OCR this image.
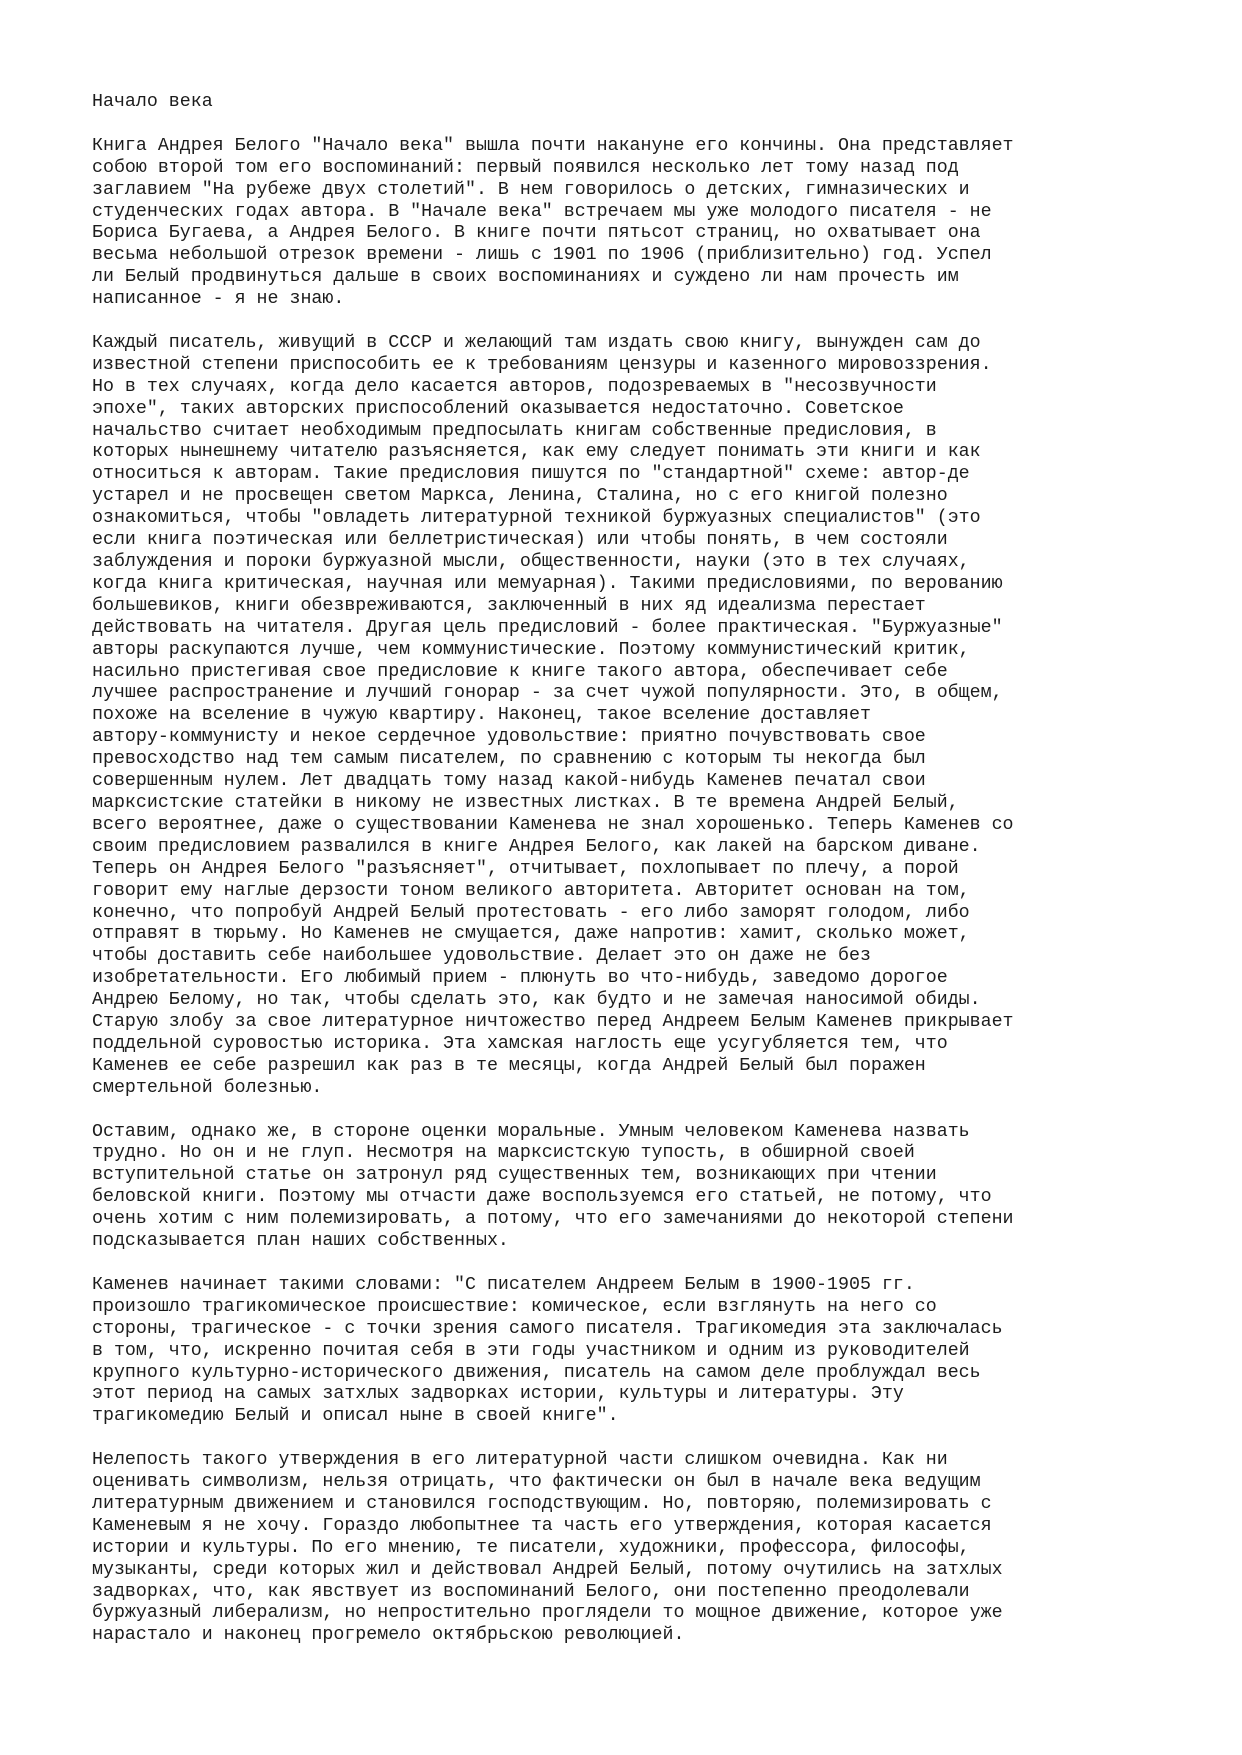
Начало века

Книга Андрея Белого "Начало века" вышла почти накануне его кончины. Она представляет
собою второй том его воспоминаний: первый появился несколько лет тому назад под
заглавием "На рубеже двух столетий". В нем говорилось о детских, гимназических и
студенческих годах автора. В "Начале века" встречаем мы уже молодого писателя - не
Бориса Бугаева, а Андрея Белого. В книге почти пятьсот страниц, но охватывает она
весьма небольшой отрезок времени - лишь с 1901 по 1906 (приблизительно) год. Успел
ли Белый продвинуться дальше в своих воспоминаниях и суждено ли нам прочесть им
написанное - я не знаю.

Каждый писатель, живущий в СССР и желающий там издать свою книгу, вынужден сам до
известной степени приспособить ее к требованиям цензуры и казенного мировоззрения.
Но в тех случаях, когда дело касается авторов, подозреваемых в "несозвучности
эпохе", таких авторских приспособлений оказывается недостаточно. Советское
начальство считает необходимым предпосылать книгам собственные предисловия, в
которых нынешнему читателю разъясняется, как ему следует понимать эти книги и как
относиться к авторам. Такие предисловия пишутся по "стандартной" схеме: автор-де
устарел и не просвещен светом Маркса, Ленина, Сталина, но с его книгой полезно
ознакомиться, чтобы "овладеть литературной техникой буржуазных специалистов" (это
если книга поэтическая или беллетристическая) или чтобы понять, в чем состояли
заблуждения и пороки буржуазной мысли, общественности, науки (это в тех случаях,
когда книга критическая, научная или мемуарная). Такими предисловиями, по верованию
большевиков, книги обезвреживаются, заключенный в них яд идеализма перестает
действовать на читателя. Другая цель предисловий - более практическая. "Буржуазные"
авторы раскупаются лучше, чем коммунистические. Поэтому коммунистический критик,
насильно пристегивая свое предисловие к книге такого автора, обеспечивает себе
лучшее распространение и лучший гонорар - за счет чужой популярности. Это, в общем,
похоже на вселение в чужую квартиру. Наконец, такое вселение доставляет
автору-коммунисту и некое сердечное удовольствие: приятно почувствовать свое
превосходство над тем самым писателем, по сравнению с которым ты некогда был
совершенным нулем. Лет двадцать тому назад какой-нибудь Каменев печатал свои
марксистские статейки в никому не известных листках. В те времена Андрей Белый,
всего вероятнее, даже о существовании Каменева не знал хорошенько. Теперь Каменев со
своим предисловием развалился в книге Андрея Белого, как лакей на барском диване.
Теперь он Андрея Белого "разъясняет", отчитывает, похлопывает по плечу, а порой
говорит ему наглые дерзости тоном великого авторитета. Авторитет основан на том,
конечно, что попробуй Андрей Белый протестовать - его либо заморят голодом, либо
отправят в тюрьму. Но Каменев не смущается, даже напротив: хамит, сколько может,
чтобы доставить себе наибольшее удовольствие. Делает это он даже не без
изобретательности. Его любимый прием - плюнуть во что-нибудь, заведомо дорогое
Андрею Белому, но так, чтобы сделать это, как будто и не замечая наносимой обиды.
Старую злобу за свое литературное ничтожество перед Андреем Белым Каменев прикрывает
поддельной суровостью историка. Эта хамская наглость еще усугубляется тем, что
Каменев ее себе разрешил как раз в те месяцы, когда Андрей Белый был поражен
смертельной болезнью.

Оставим, однако же, в стороне оценки моральные. Умным человеком Каменева назвать
трудно. Но он и не глуп. Несмотря на марксистскую тупость, в обширной своей
вступительной статье он затронул ряд существенных тем, возникающих при чтении
беловской книги. Поэтому мы отчасти даже воспользуемся его статьей, не потому, что
очень хотим с ним полемизировать, а потому, что его замечаниями до некоторой степени
подсказывается план наших собственных.

Каменев начинает такими словами: "С писателем Андреем Белым в 1900-1905 гг.
произошло трагикомическое происшествие: комическое, если взглянуть на него со
стороны, трагическое - с точки зрения самого писателя. Трагикомедия эта заключалась
в том, что, искренно почитая себя в эти годы участником и одним из руководителей
крупного культурно-исторического движения, писатель на самом деле проблуждал весь
этот период на самых затхлых задворках истории, культуры и литературы. Эту
трагикомедию Белый и описал ныне в своей книге".

Нелепость такого утверждения в его литературной части слишком очевидна. Как ни
оценивать символизм, нельзя отрицать, что фактически он был в начале века ведущим
литературным движением и становился господствующим. Но, повторяю, полемизировать с
Каменевым я не хочу. Гораздо любопытнее та часть его утверждения, которая касается
истории и культуры. По его мнению, те писатели, художники, профессора, философы,
музыканты, среди которых жил и действовал Андрей Белый, потому очутились на затхлых
задворках, что, как явствует из воспоминаний Белого, они постепенно преодолевали
буржуазный либерализм, но непростительно проглядели то мощное движение, которое уже
нарастало и наконец прогремело октябрьскою революцией.
